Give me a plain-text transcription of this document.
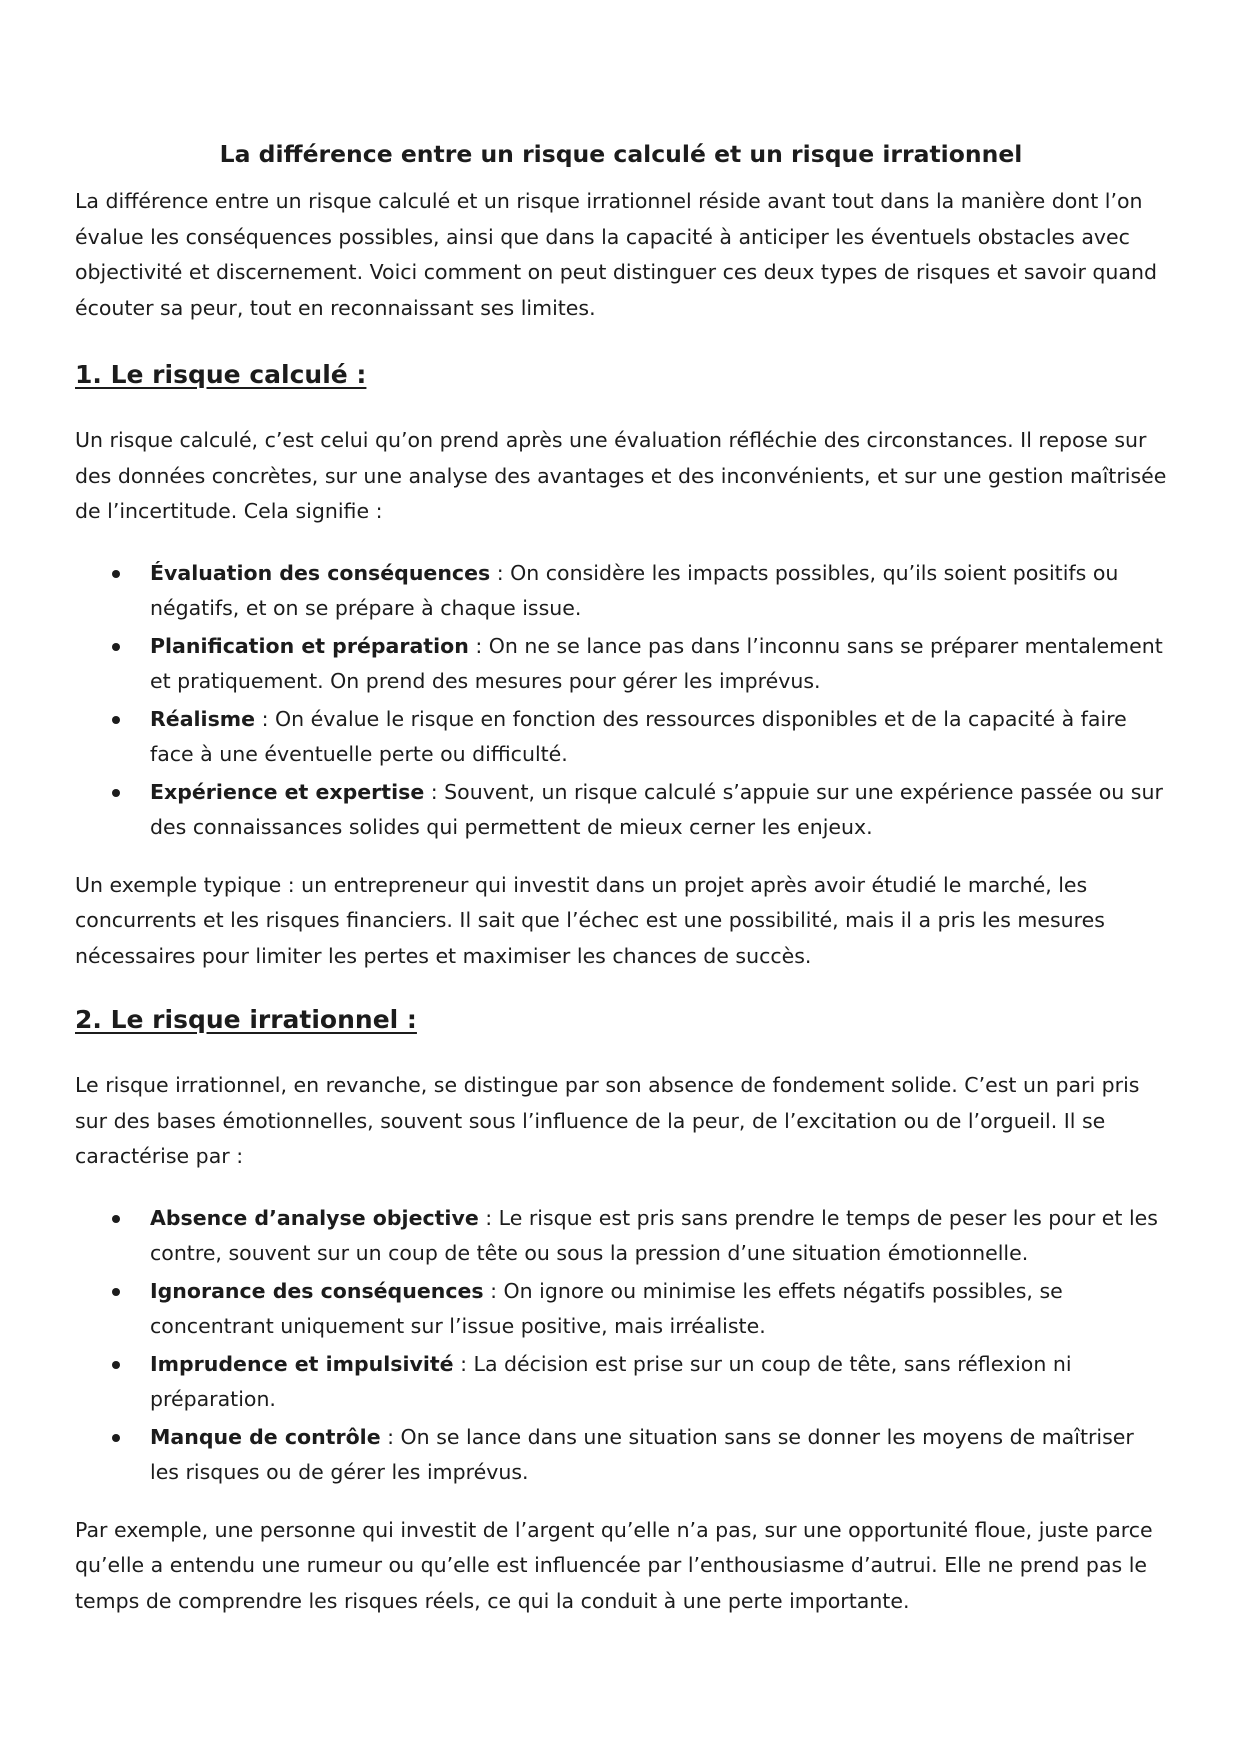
La différence entre un risque calculé et un risque irrationnel

La différence entre un risque calculé et un risque irrationnel réside avant tout dans la manière dont l’on évalue les conséquences possibles, ainsi que dans la capacité à anticiper les éventuels obstacles avec objectivité et discernement. Voici comment on peut distinguer ces deux types de risques et savoir quand écouter sa peur, tout en reconnaissant ses limites.

1. Le risque calculé :

Un risque calculé, c’est celui qu’on prend après une évaluation réfléchie des circonstances. Il repose sur des données concrètes, sur une analyse des avantages et des inconvénients, et sur une gestion maîtrisée de l’incertitude. Cela signifie :

Évaluation des conséquences : On considère les impacts possibles, qu’ils soient positifs ou négatifs, et on se prépare à chaque issue.
Planification et préparation : On ne se lance pas dans l’inconnu sans se préparer mentalement et pratiquement. On prend des mesures pour gérer les imprévus.
Réalisme : On évalue le risque en fonction des ressources disponibles et de la capacité à faire face à une éventuelle perte ou difficulté.
Expérience et expertise : Souvent, un risque calculé s’appuie sur une expérience passée ou sur des connaissances solides qui permettent de mieux cerner les enjeux.

Un exemple typique : un entrepreneur qui investit dans un projet après avoir étudié le marché, les concurrents et les risques financiers. Il sait que l’échec est une possibilité, mais il a pris les mesures nécessaires pour limiter les pertes et maximiser les chances de succès.

2. Le risque irrationnel :

Le risque irrationnel, en revanche, se distingue par son absence de fondement solide. C’est un pari pris sur des bases émotionnelles, souvent sous l’influence de la peur, de l’excitation ou de l’orgueil. Il se caractérise par :

Absence d’analyse objective : Le risque est pris sans prendre le temps de peser les pour et les contre, souvent sur un coup de tête ou sous la pression d’une situation émotionnelle.
Ignorance des conséquences : On ignore ou minimise les effets négatifs possibles, se concentrant uniquement sur l’issue positive, mais irréaliste.
Imprudence et impulsivité : La décision est prise sur un coup de tête, sans réflexion ni préparation.
Manque de contrôle : On se lance dans une situation sans se donner les moyens de maîtriser les risques ou de gérer les imprévus.

Par exemple, une personne qui investit de l’argent qu’elle n’a pas, sur une opportunité floue, juste parce qu’elle a entendu une rumeur ou qu’elle est influencée par l’enthousiasme d’autrui. Elle ne prend pas le temps de comprendre les risques réels, ce qui la conduit à une perte importante.
